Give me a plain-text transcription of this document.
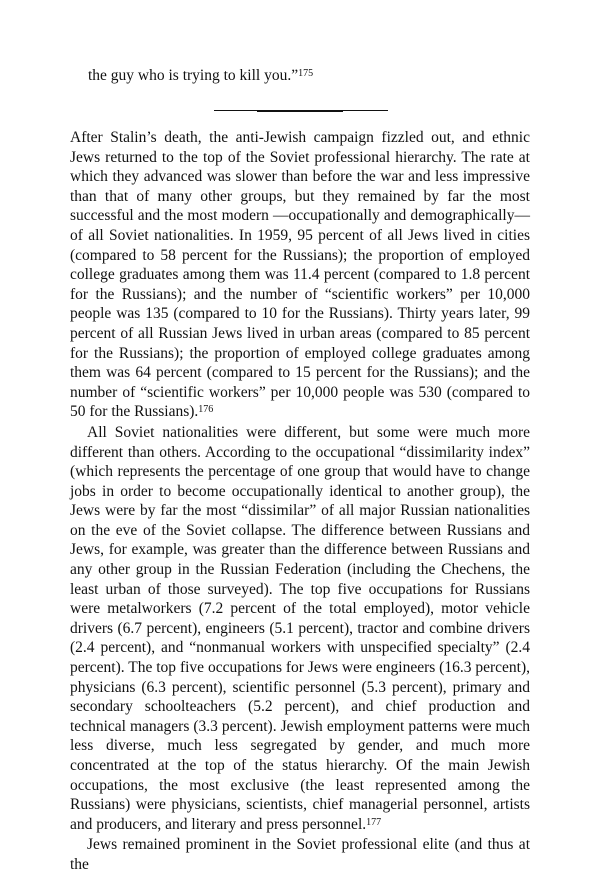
the guy who is trying to kill you.”$^{175}$

After Stalin’s death, the anti-Jewish campaign fizzled out, and ethnic Jews returned to the top of the Soviet professional hierarchy. The rate at which they advanced was slower than before the war and less impressive than that of many other groups, but they remained by far the most successful and the most modern —occupationally and demographically—of all Soviet nationalities. In 1959, 95 percent of all Jews lived in cities (compared to 58 percent for the Russians); the proportion of employed college graduates among them was 11.4 percent (compared to 1.8 percent for the Russians); and the number of “scientific workers” per 10,000 people was 135 (compared to 10 for the Russians). Thirty years later, 99 percent of all Russian Jews lived in urban areas (compared to 85 percent for the Russians); the proportion of employed college graduates among them was 64 percent (compared to 15 percent for the Russians); and the number of “scientific workers” per 10,000 people was 530 (compared to 50 for the Russians).$^{176}$

All Soviet nationalities were different, but some were much more different than others. According to the occupational “dissimilarity index” (which represents the percentage of one group that would have to change jobs in order to become occupationally identical to another group), the Jews were by far the most “dissimilar” of all major Russian nationalities on the eve of the Soviet collapse. The difference between Russians and Jews, for example, was greater than the difference between Russians and any other group in the Russian Federation (including the Chechens, the least urban of those surveyed). The top five occupations for Russians were metalworkers (7.2 percent of the total employed), motor vehicle drivers (6.7 percent), engineers (5.1 percent), tractor and combine drivers (2.4 percent), and “nonmanual workers with unspecified specialty” (2.4 percent). The top five occupations for Jews were engineers (16.3 percent), physicians (6.3 percent), scientific personnel (5.3 percent), primary and secondary schoolteachers (5.2 percent), and chief production and technical managers (3.3 percent). Jewish employment patterns were much less diverse, much less segregated by gender, and much more concentrated at the top of the status hierarchy. Of the main Jewish occupations, the most exclusive (the least represented among the Russians) were physicians, scientists, chief managerial personnel, artists and producers, and literary and press personnel.$^{177}$

Jews remained prominent in the Soviet professional elite (and thus at the
